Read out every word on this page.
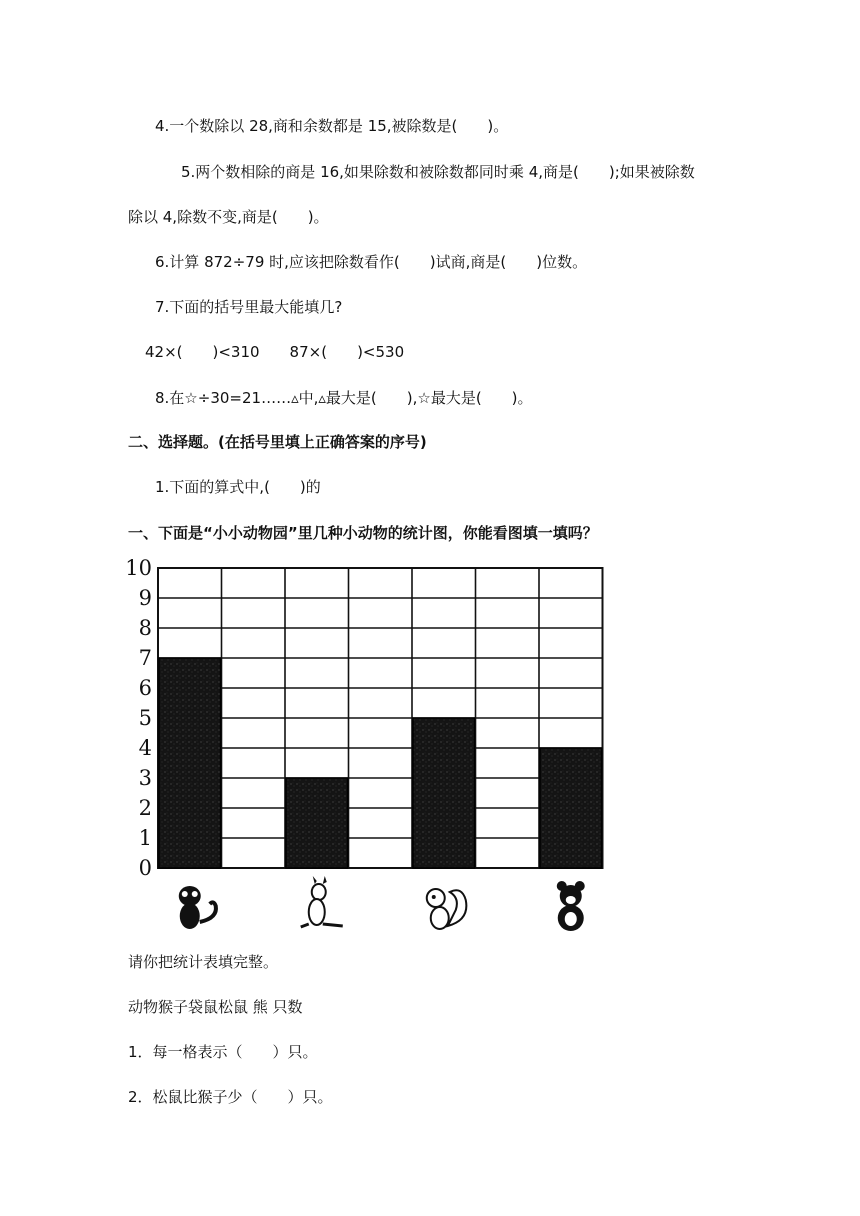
4.一个数除以 28,商和余数都是 15,被除数是(　　)。
5.两个数相除的商是 16,如果除数和被除数都同时乘 4,商是(　　);如果被除数
除以 4,除数不变,商是(　　)。
6.计算 872÷79 时,应该把除数看作(　　)试商,商是(　　)位数。
7.下面的括号里最大能填几?
42×(　　)<310　　87×(　　)<530
8.在☆÷30=21……▵中,▵最大是(　　),☆最大是(　　)。
二、选择题。(在括号里填上正确答案的序号)
1.下面的算式中,(　　)的
一、下面是“小小动物园”里几种小动物的统计图，你能看图填一填吗？
0
1
2
3
4
5
6
7
8
9
10
请你把统计表填完整。
动物猴子袋鼠松鼠 熊 只数
1．每一格表示（　　）只。
2．松鼠比猴子少（　　）只。
